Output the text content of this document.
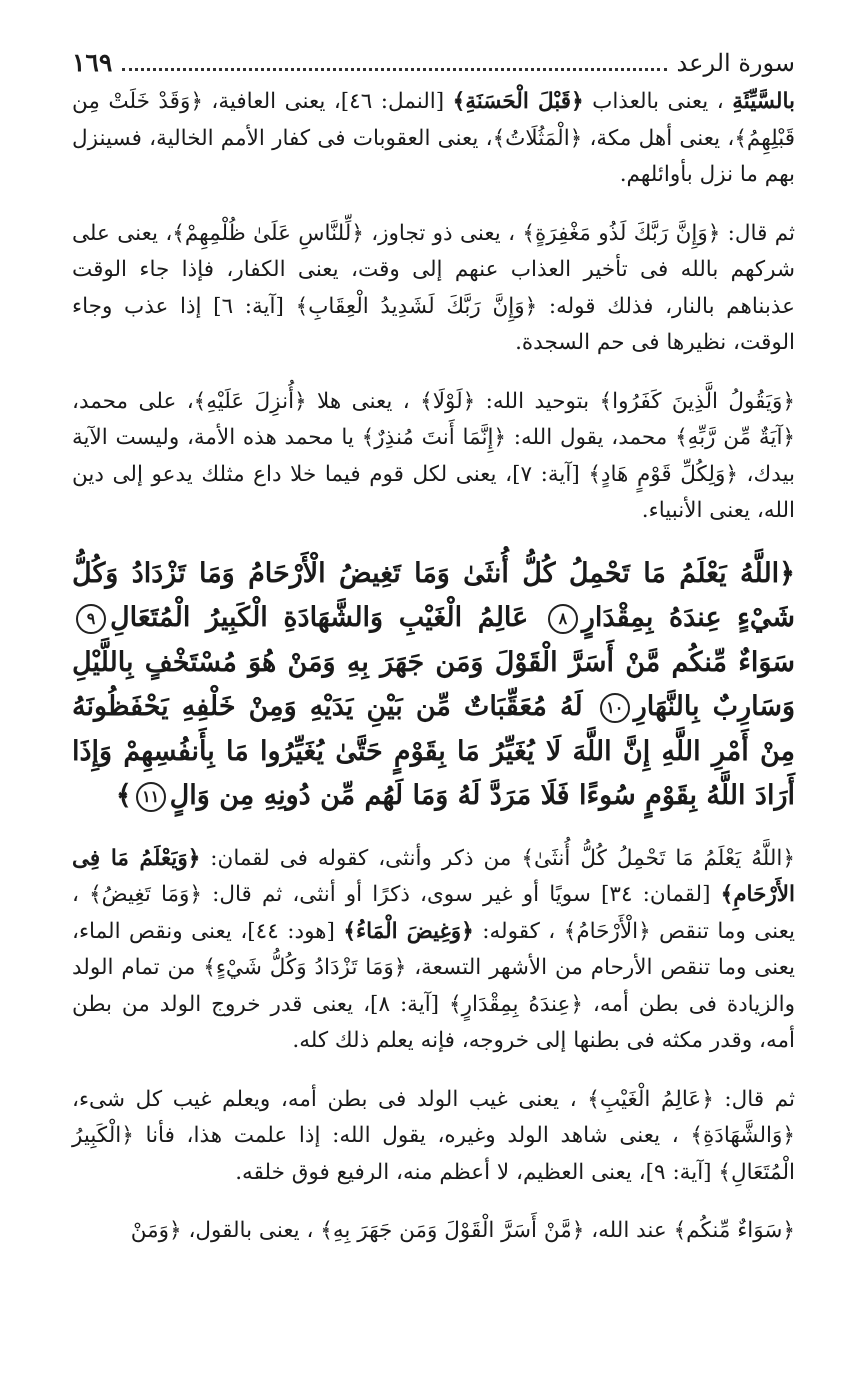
سورة الرعد
١٦٩

بالسَّيِّئَةِ ، يعنى بالعذاب ﴿قَبْلَ الْحَسَنَةِ﴾ [النمل: ٤٦]، يعنى العافية، ﴿وَقَدْ خَلَتْ مِن قَبْلِهِمُ﴾، يعنى أهل مكة، ﴿الْمَثُلَاتُ﴾، يعنى العقوبات فى كفار الأمم الخالية، فسينزل بهم ما نزل بأوائلهم.

ثم قال: ﴿وَإِنَّ رَبَّكَ لَذُو مَغْفِرَةٍ﴾ ، يعنى ذو تجاوز، ﴿لِّلنَّاسِ عَلَىٰ ظُلْمِهِمْ﴾، يعنى على شركهم بالله فى تأخير العذاب عنهم إلى وقت، يعنى الكفار، فإذا جاء الوقت عذبناهم بالنار، فذلك قوله: ﴿وَإِنَّ رَبَّكَ لَشَدِيدُ الْعِقَابِ﴾ [آية: ٦] إذا عذب وجاء الوقت، نظيرها فى حم السجدة.

﴿وَيَقُولُ الَّذِينَ كَفَرُوا﴾ بتوحيد الله: ﴿لَوْلَا﴾ ، يعنى هلا ﴿أُنزِلَ عَلَيْهِ﴾، على محمد، ﴿آيَةٌ مِّن رَّبِّهِ﴾ محمد، يقول الله: ﴿إِنَّمَا أَنتَ مُنذِرٌ﴾ يا محمد هذه الأمة، وليست الآية بيدك، ﴿وَلِكُلِّ قَوْمٍ هَادٍ﴾ [آية: ٧]، يعنى لكل قوم فيما خلا داع مثلك يدعو إلى دين الله، يعنى الأنبياء.

﴿اللَّهُ يَعْلَمُ مَا تَحْمِلُ كُلُّ أُنثَىٰ وَمَا تَغِيضُ الْأَرْحَامُ وَمَا تَزْدَادُ وَكُلُّ شَيْءٍ عِندَهُ بِمِقْدَارٍ٨ عَالِمُ الْغَيْبِ وَالشَّهَادَةِ الْكَبِيرُ الْمُتَعَالِ٩ سَوَاءٌ مِّنكُم مَّنْ أَسَرَّ الْقَوْلَ وَمَن جَهَرَ بِهِ وَمَنْ هُوَ مُسْتَخْفٍ بِاللَّيْلِ وَسَارِبٌ بِالنَّهَارِ١٠ لَهُ مُعَقِّبَاتٌ مِّن بَيْنِ يَدَيْهِ وَمِنْ خَلْفِهِ يَحْفَظُونَهُ مِنْ أَمْرِ اللَّهِ إِنَّ اللَّهَ لَا يُغَيِّرُ مَا بِقَوْمٍ حَتَّىٰ يُغَيِّرُوا مَا بِأَنفُسِهِمْ وَإِذَا أَرَادَ اللَّهُ بِقَوْمٍ سُوءًا فَلَا مَرَدَّ لَهُ وَمَا لَهُم مِّن دُونِهِ مِن وَالٍ١١﴾

﴿اللَّهُ يَعْلَمُ مَا تَحْمِلُ كُلُّ أُنثَىٰ﴾ من ذكر وأنثى، كقوله فى لقمان: ﴿وَيَعْلَمُ مَا فِى الأَرْحَامِ﴾ [لقمان: ٣٤] سويًا أو غير سوى، ذكرًا أو أنثى، ثم قال: ﴿وَمَا تَغِيضُ﴾ ، يعنى وما تنقص ﴿الْأَرْحَامُ﴾ ، كقوله: ﴿وَغِيضَ الْمَاءُ﴾ [هود: ٤٤]، يعنى ونقص الماء، يعنى وما تنقص الأرحام من الأشهر التسعة، ﴿وَمَا تَزْدَادُ وَكُلُّ شَيْءٍ﴾ من تمام الولد والزيادة فى بطن أمه، ﴿عِندَهُ بِمِقْدَارٍ﴾ [آية: ٨]، يعنى قدر خروج الولد من بطن أمه، وقدر مكثه فى بطنها إلى خروجه، فإنه يعلم ذلك كله.

ثم قال: ﴿عَالِمُ الْغَيْبِ﴾ ، يعنى غيب الولد فى بطن أمه، ويعلم غيب كل شىء، ﴿وَالشَّهَادَةِ﴾ ، يعنى شاهد الولد وغيره، يقول الله: إذا علمت هذا، فأنا ﴿الْكَبِيرُ الْمُتَعَالِ﴾ [آية: ٩]، يعنى العظيم، لا أعظم منه، الرفيع فوق خلقه.

﴿سَوَاءٌ مِّنكُم﴾ عند الله، ﴿مَّنْ أَسَرَّ الْقَوْلَ وَمَن جَهَرَ بِهِ﴾ ، يعنى بالقول، ﴿وَمَنْ
